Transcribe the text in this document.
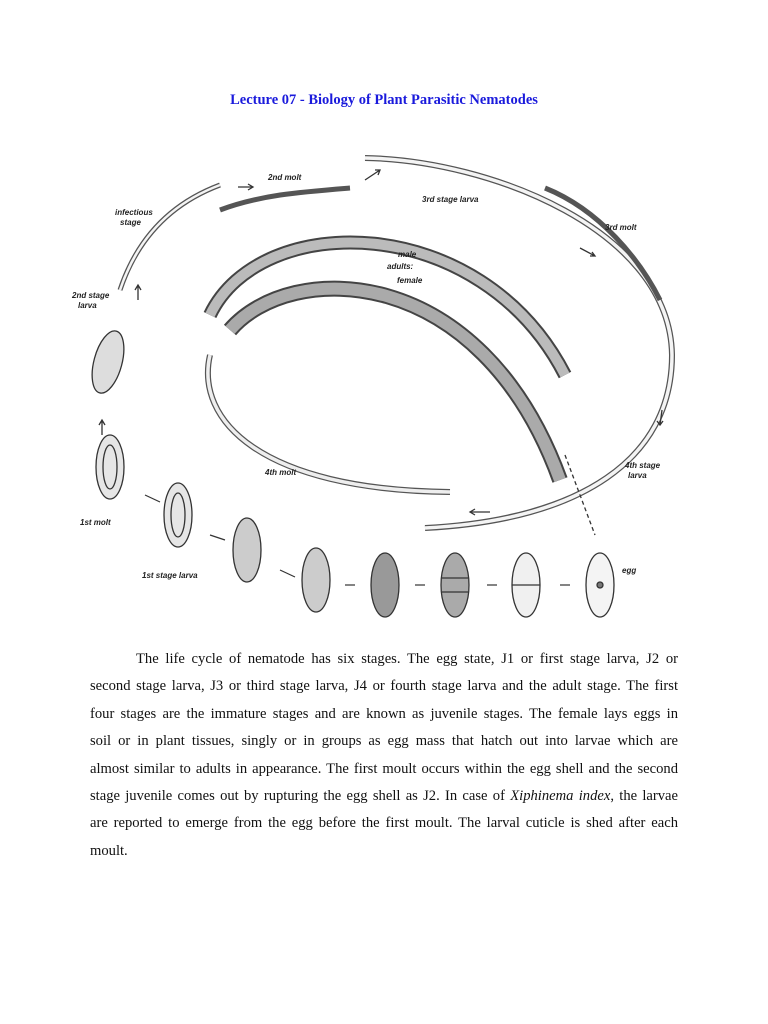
Lecture 07 - Biology of Plant Parasitic Nematodes
2nd molt
3rd stage larva
3rd molt
infectious
stage
male
adults:
female
2nd stage
larva
4th molt
4th stage
larva
1st molt
1st stage larva
egg
The life cycle of nematode has six stages. The egg state, J1 or first stage larva, J2 or
second stage larva, J3 or third stage larva, J4 or fourth stage larva and the adult stage. The first
four stages are the immature stages and are known as juvenile stages. The female lays eggs in
soil or in plant tissues, singly or in groups as egg mass that hatch out into larvae which are
almost similar to adults in appearance. The first moult occurs within the egg shell and the second
stage juvenile comes out by rupturing the egg shell as J2. In case of Xiphinema index, the larvae
are reported to emerge from the egg before the first moult. The larval cuticle is shed after each
moult.
